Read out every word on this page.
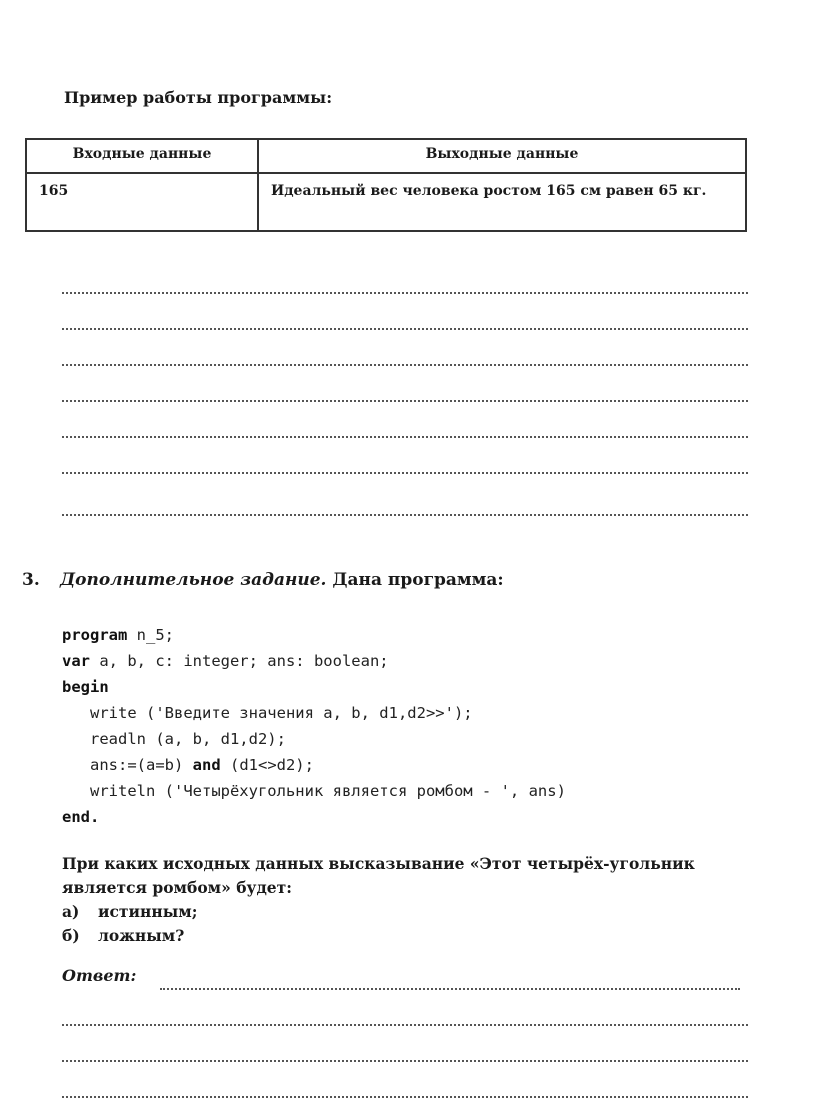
Пример работы программы:
Входные данные	Выходные данные
165	Идеальный вес человека ростом 165 см равен 65 кг.
3. Дополнительное задание. Дана программа:
program n_5;
var a, b, c: integer; ans: boolean;
begin
write ('Введите значения a, b, d1,d2>>');
readln (a, b, d1,d2);
ans:=(a=b) and (d1<>d2);
writeln ('Четырёхугольник является ромбом - ', ans)
end.
При каких исходных данных высказывание «Этот четырёх-угольник является ромбом» будет:
а) истинным;
б) ложным?
Ответ:
